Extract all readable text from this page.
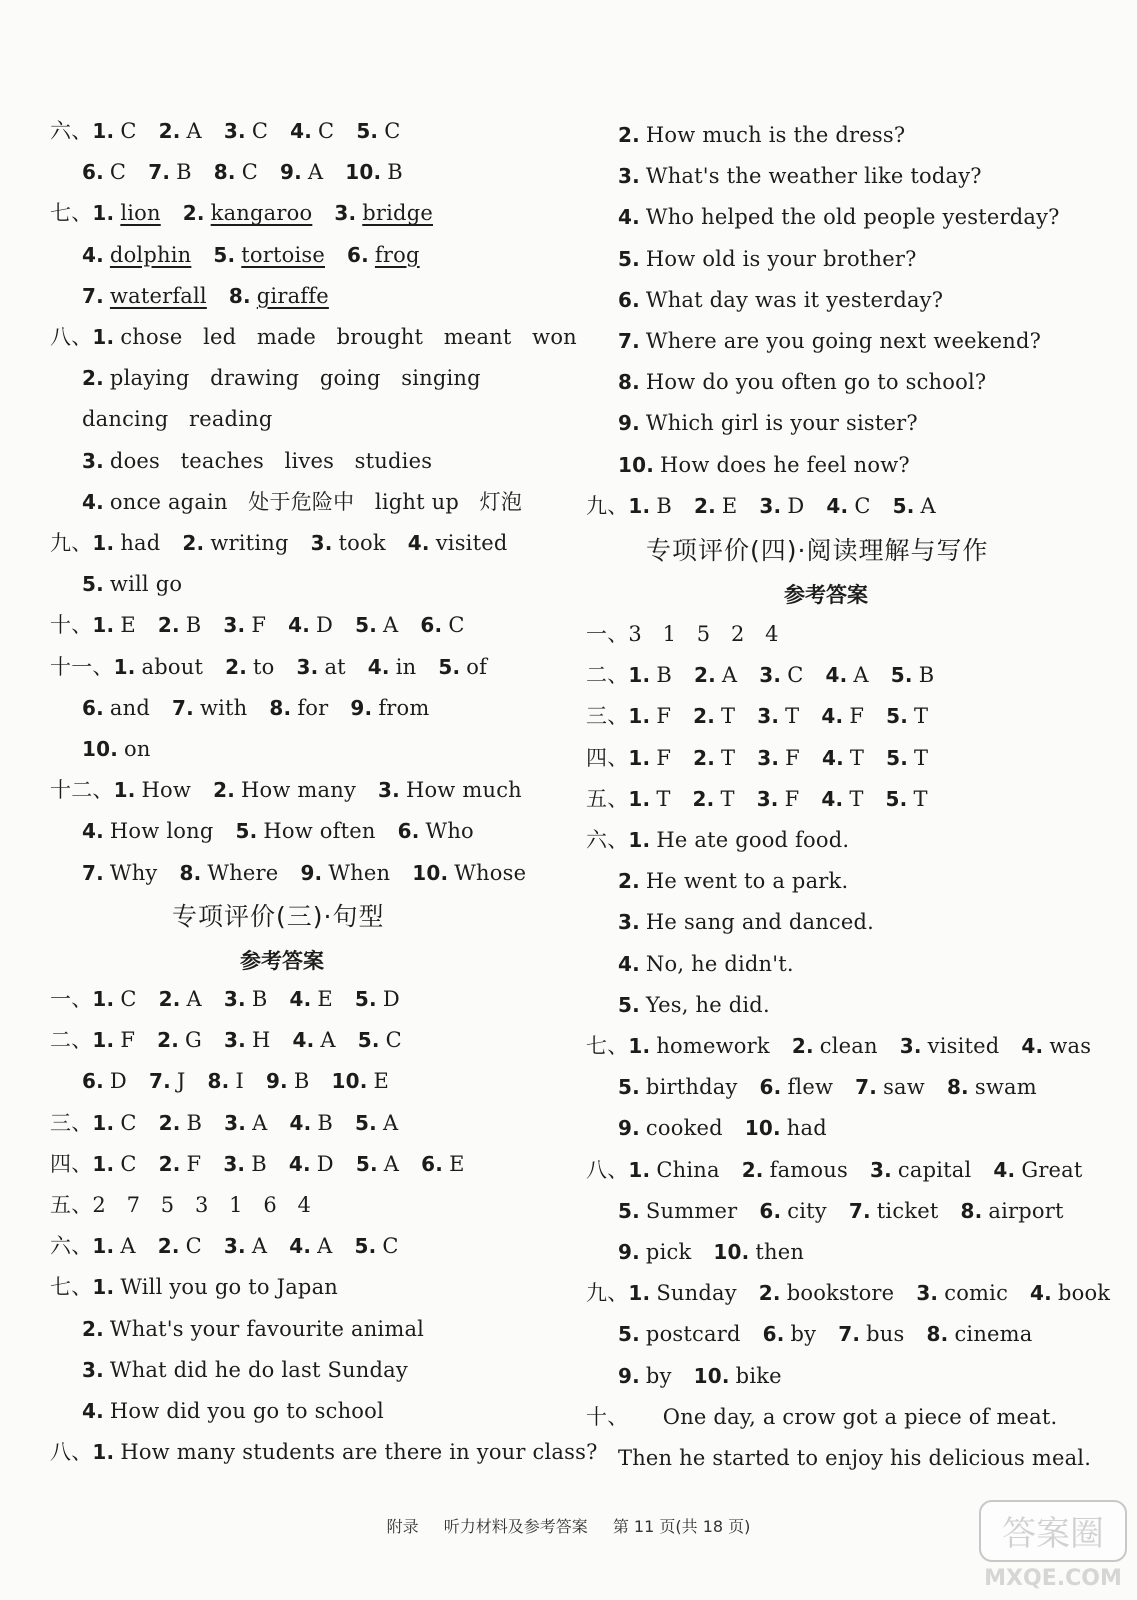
六、1. C 2. A 3. C 4. C 5. C
6. C 7. B 8. C 9. A 10. B
七、1. lion 2. kangaroo 3. bridge
4. dolphin 5. tortoise 6. frog
7. waterfall 8. giraffe
八、1. chose   led   made   brought   meant   won
2. playing   drawing   going   singing
dancing   reading
3. does   teaches   lives   studies
4. once again   处于危险中   light up   灯泡
九、1. had 2. writing 3. took 4. visited
5. will go
十、1. E 2. B 3. F 4. D 5. A 6. C
十一、1. about 2. to 3. at 4. in 5. of
6. and 7. with 8. for 9. from
10. on
十二、1. How 2. How many 3. How much
4. How long 5. How often 6. Who
7. Why 8. Where 9. When 10. Whose
专项评价(三)·句型
参考答案
一、1. C 2. A 3. B 4. E 5. D
二、1. F 2. G 3. H 4. A 5. C
6. D 7. J 8. I 9. B 10. E
三、1. C 2. B 3. A 4. B 5. A
四、1. C 2. F 3. B 4. D 5. A 6. E
五、2   7   5   3   1   6   4
六、1. A 2. C 3. A 4. A 5. C
七、1. Will you go to Japan
2. What's your favourite animal
3. What did he do last Sunday
4. How did you go to school
八、1. How many students are there in your class?
2. How much is the dress?
3. What's the weather like today?
4. Who helped the old people yesterday?
5. How old is your brother?
6. What day was it yesterday?
7. Where are you going next weekend?
8. How do you often go to school?
9. Which girl is your sister?
10. How does he feel now?
九、1. B 2. E 3. D 4. C 5. A
专项评价(四)·阅读理解与写作
参考答案
一、3   1   5   2   4
二、1. B 2. A 3. C 4. A 5. B
三、1. F 2. T 3. T 4. F 5. T
四、1. F 2. T 3. F 4. T 5. T
五、1. T 2. T 3. F 4. T 5. T
六、1. He ate good food.
2. He went to a park.
3. He sang and danced.
4. No, he didn't.
5. Yes, he did.
七、1. homework 2. clean 3. visited 4. was
5. birthday 6. flew 7. saw 8. swam
9. cooked 10. had
八、1. China 2. famous 3. capital 4. Great
5. Summer 6. city 7. ticket 8. airport
9. pick 10. then
九、1. Sunday 2. bookstore 3. comic 4. book
5. postcard 6. by 7. bus 8. cinema
9. by 10. bike
十、     One day, a crow got a piece of meat.
Then he started to enjoy his delicious meal.
附录 听力材料及参考答案 第 11 页(共 18 页)	答案圈
MXQE.COM
